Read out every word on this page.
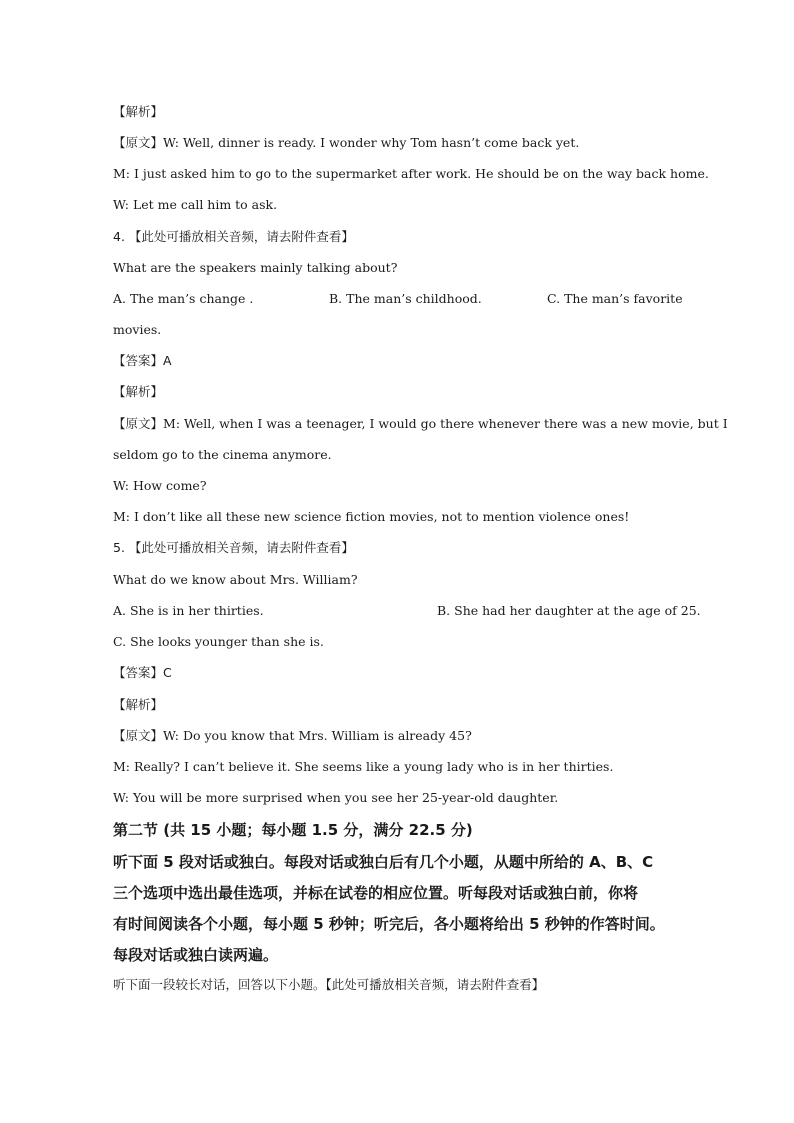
【解析】
【原文】W: Well, dinner is ready. I wonder why Tom hasn’t come back yet.
M: I just asked him to go to the supermarket after work. He should be on the way back home.
W: Let me call him to ask.
4. 【此处可播放相关音频，请去附件查看】
What are the speakers mainly talking about?
A. The man’s change .	B. The man’s childhood.	C. The man’s favorite
movies.
【答案】A
【解析】
【原文】M: Well, when I was a teenager, I would go there whenever there was a new movie, but I
seldom go to the cinema anymore.
W: How come?
M: I don’t like all these new science fiction movies, not to mention violence ones!
5. 【此处可播放相关音频，请去附件查看】
What do we know about Mrs. William?
A. She is in her thirties.	B. She had her daughter at the age of 25.
C. She looks younger than she is.
【答案】C
【解析】
【原文】W: Do you know that Mrs. William is already 45?
M: Really? I can’t believe it. She seems like a young lady who is in her thirties.
W: You will be more surprised when you see her 25-year-old daughter.
第二节 (共 15 小题；每小题 1.5 分，满分 22.5 分)
听下面 5 段对话或独白。每段对话或独白后有几个小题，从题中所给的 A、B、C
三个选项中选出最佳选项，并标在试卷的相应位置。听每段对话或独白前，你将
有时间阅读各个小题，每小题 5 秒钟；听完后，各小题将给出 5 秒钟的作答时间。
每段对话或独白读两遍。
听下面一段较长对话，回答以下小题。【此处可播放相关音频，请去附件查看】
